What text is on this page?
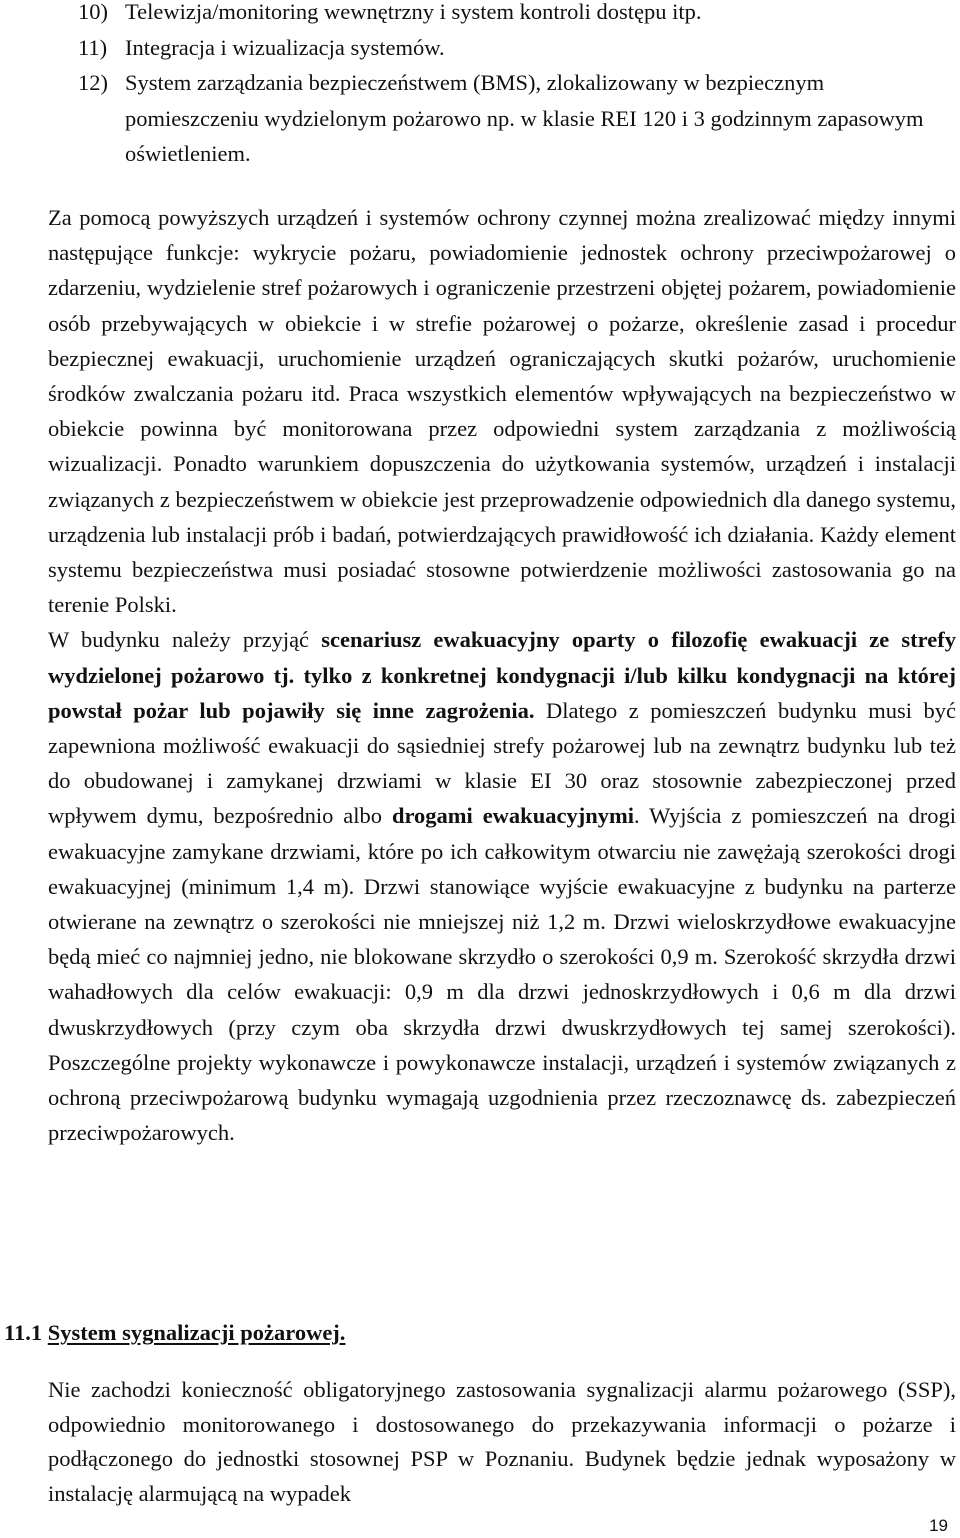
10) Telewizja/monitoring wewnętrzny i system kontroli dostępu itp.
11) Integracja i wizualizacja systemów.
12) System zarządzania bezpieczeństwem (BMS), zlokalizowany w bezpiecznym pomieszczeniu wydzielonym pożarowo np. w klasie REI 120 i 3 godzinnym zapasowym oświetleniem.

Za pomocą powyższych urządzeń i systemów ochrony czynnej można zrealizować między innymi następujące funkcje: wykrycie pożaru, powiadomienie jednostek ochrony przeciwpożarowej o zdarzeniu, wydzielenie stref pożarowych i ograniczenie przestrzeni objętej pożarem, powiadomienie osób przebywających w obiekcie i w strefie pożarowej o pożarze, określenie zasad i procedur bezpiecznej ewakuacji, uruchomienie urządzeń ograniczających skutki pożarów, uruchomienie środków zwalczania pożaru itd. Praca wszystkich elementów wpływających na bezpieczeństwo w obiekcie powinna być monitorowana przez odpowiedni system zarządzania z możliwością wizualizacji. Ponadto warunkiem dopuszczenia do użytkowania systemów, urządzeń i instalacji związanych z bezpieczeństwem w obiekcie jest przeprowadzenie odpowiednich dla danego systemu, urządzenia lub instalacji prób i badań, potwierdzających prawidłowość ich działania. Każdy element systemu bezpieczeństwa musi posiadać stosowne potwierdzenie możliwości zastosowania go na terenie Polski.
W budynku należy przyjąć scenariusz ewakuacyjny oparty o filozofię ewakuacji ze strefy wydzielonej pożarowo tj. tylko z konkretnej kondygnacji i/lub kilku kondygnacji na której powstał pożar lub pojawiły się inne zagrożenia. Dlatego z pomieszczeń budynku musi być zapewniona możliwość ewakuacji do sąsiedniej strefy pożarowej lub na zewnątrz budynku lub też do obudowanej i zamykanej drzwiami w klasie EI 30 oraz stosownie zabezpieczonej przed wpływem dymu, bezpośrednio albo drogami ewakuacyjnymi. Wyjścia z pomieszczeń na drogi ewakuacyjne zamykane drzwiami, które po ich całkowitym otwarciu nie zawężają szerokości drogi ewakuacyjnej (minimum 1,4 m). Drzwi stanowiące wyjście ewakuacyjne z budynku na parterze otwierane na zewnątrz o szerokości nie mniejszej niż 1,2 m. Drzwi wieloskrzydłowe ewakuacyjne będą mieć co najmniej jedno, nie blokowane skrzydło o szerokości 0,9 m. Szerokość skrzydła drzwi wahadłowych dla celów ewakuacji: 0,9 m dla drzwi jednoskrzydłowych i 0,6 m dla drzwi dwuskrzydłowych (przy czym oba skrzydła drzwi dwuskrzydłowych tej samej szerokości). Poszczególne projekty wykonawcze i powykonawcze instalacji, urządzeń i systemów związanych z ochroną przeciwpożarową budynku wymagają uzgodnienia przez rzeczoznawcę ds. zabezpieczeń przeciwpożarowych.

11.1 System sygnalizacji pożarowej.

Nie zachodzi konieczność obligatoryjnego zastosowania sygnalizacji alarmu pożarowego (SSP), odpowiednio monitorowanego i dostosowanego do przekazywania informacji o pożarze i podłączonego do jednostki stosownej PSP w Poznaniu. Budynek będzie jednak wyposażony w instalację alarmującą na wypadek

19
